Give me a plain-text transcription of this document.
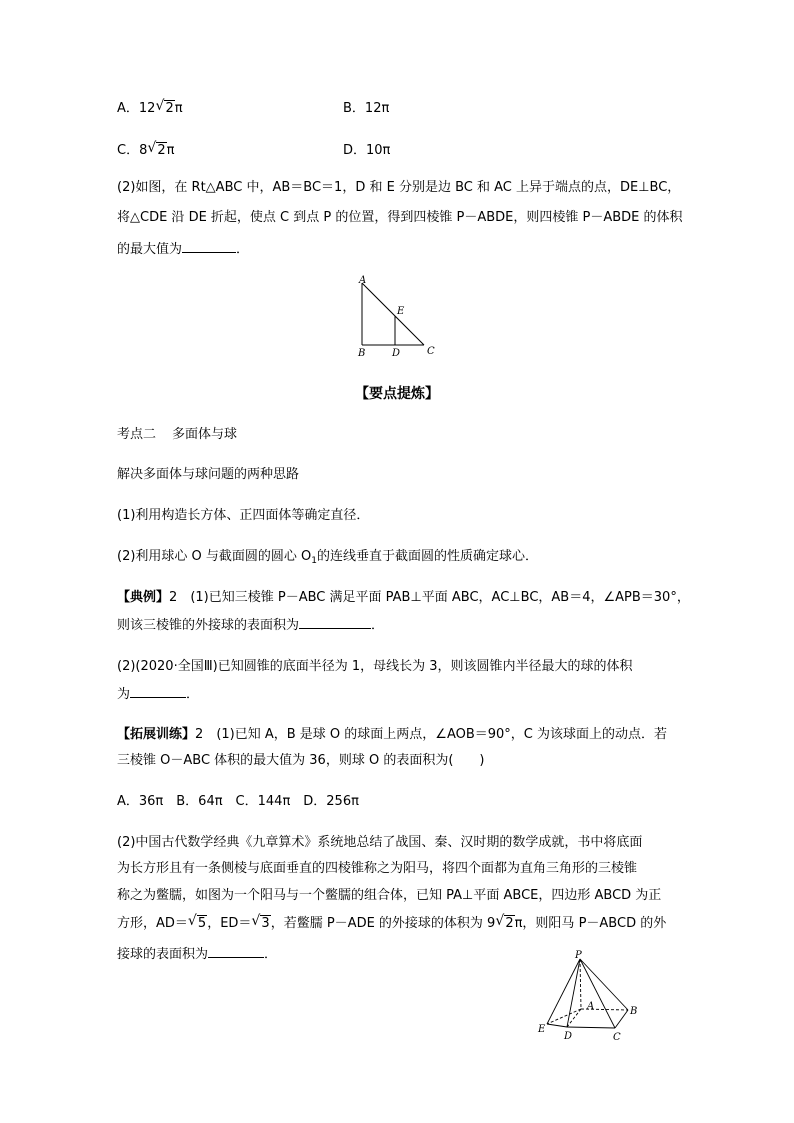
A．12 √ 2π	B．12π
C．8 √ 2π	D．10π
(2)如图，在 Rt△ABC 中，AB＝BC＝1，D 和 E 分别是边 BC 和 AC 上异于端点的点，DE⊥BC，
将△CDE 沿 DE 折起，使点 C 到点 P 的位置，得到四棱锥 P－ABDE，则四棱锥 P－ABDE 的体积
的最大值为	．
A
E
B	D	C
【要点提炼】
考点二 多面体与球
解决多面体与球问题的两种思路
(1)利用构造长方体、正四面体等确定直径．
(2)利用球心 O 与截面圆的圆心 $O_1$的连线垂直于截面圆的性质确定球心．
【典例】2　 (1)已知三棱锥 P－ABC 满足平面 PAB⊥平面 ABC，AC⊥BC，AB＝4，∠APB＝30°，
则该三棱锥的外接球的表面积为	．
(2)(2020·全国Ⅲ)已知圆锥的底面半径为 1，母线长为 3，则该圆锥内半径最大的球的体积
为	．
【拓展训练】2　 (1)已知 A，B 是球 O 的球面上两点，∠AOB＝90°，C 为该球面上的动点．若
三棱锥 O－ABC 体积的最大值为 36，则球 O 的表面积为(　　)
A．36π　B．64π　C．144π　D．256π
(2)中国古代数学经典《九章算术》系统地总结了战国、秦、汉时期的数学成就，书中将底面
为长方形且有一条侧棱与底面垂直的四棱锥称之为阳马，将四个面都为直角三角形的三棱锥
称之为鳖臑，如图为一个阳马与一个鳖臑的组合体，已知 PA⊥平面 ABCE，四边形 ABCD 为正
方形，AD＝ √ 5，ED＝ √ 3，若鳖臑 P－ADE 的外接球的体积为 9 √ 2π，则阳马 P－ABCD 的外
接球的表面积为	．	P
A	B
E
D	C
